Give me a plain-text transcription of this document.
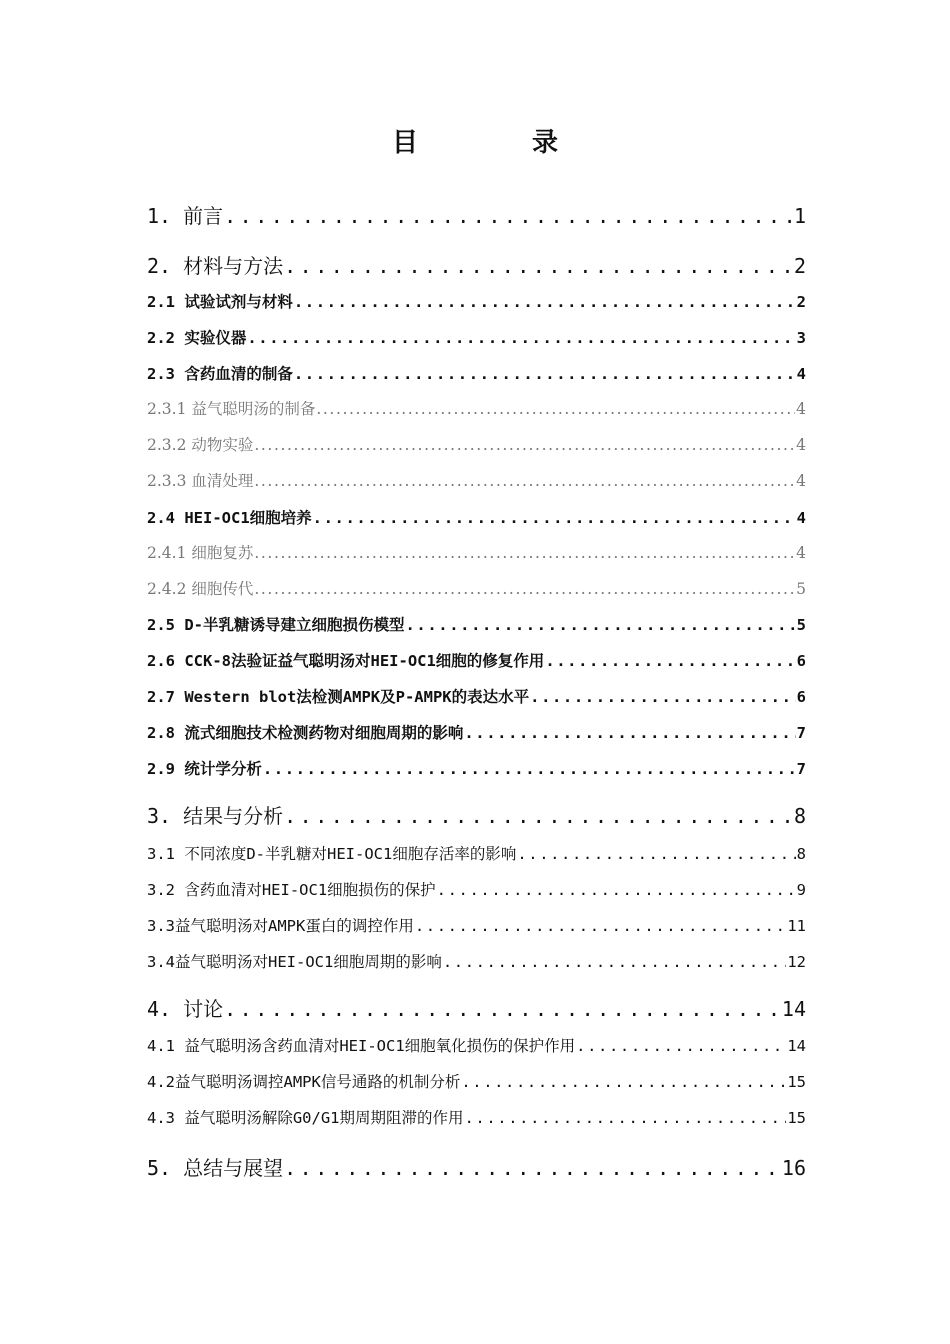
目　录
1. 前言 .....	1
2. 材料与方法 .....	2
2.1 试验试剂与材料 .....	2
2.2 实验仪器 .....	3
2.3 含药血清的制备 .....	4
2.3.1 益气聪明汤的制备 .....	4
2.3.2 动物实验 .....	4
2.3.3 血清处理 .....	4
2.4 HEI-OC1细胞培养 .....	4
2.4.1 细胞复苏 .....	4
2.4.2 细胞传代 .....	5
2.5 D-半乳糖诱导建立细胞损伤模型 .....	5
2.6 CCK-8法验证益气聪明汤对HEI-OC1细胞的修复作用 .....	6
2.7 Western blot法检测AMPK及P-AMPK的表达水平 .....	6
2.8 流式细胞技术检测药物对细胞周期的影响 .....	7
2.9 统计学分析 .....	7
3. 结果与分析 .....	8
3.1 不同浓度D-半乳糖对HEI-OC1细胞存活率的影响 .....	8
3.2 含药血清对HEI-OC1细胞损伤的保护 .....	9
3.3益气聪明汤对AMPK蛋白的调控作用 .....	11
3.4益气聪明汤对HEI-OC1细胞周期的影响 .....	12
4. 讨论 .....	14
4.1 益气聪明汤含药血清对HEI-OC1细胞氧化损伤的保护作用 .....	14
4.2益气聪明汤调控AMPK信号通路的机制分析 .....	15
4.3 益气聪明汤解除G0/G1期周期阻滞的作用 .....	15
5. 总结与展望 .....	16
